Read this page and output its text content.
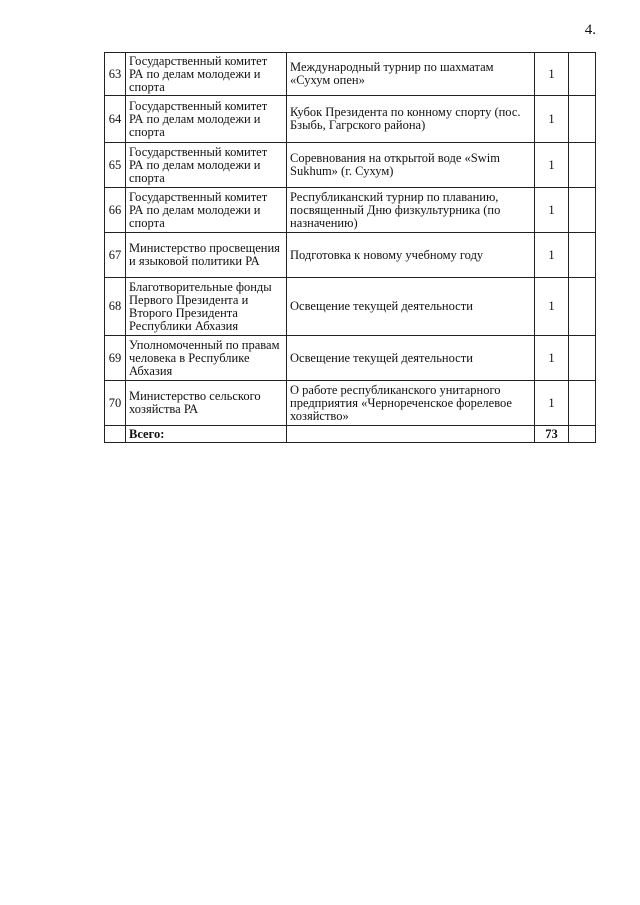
4.
63	Государственный комитет РА по делам молодежи и спорта	Международный турнир по шахматам «Сухум опен»	1	
64	Государственный комитет РА по делам молодежи и спорта	Кубок Президента по конному спорту (пос. Бзыбь, Гагрского района)	1	
65	Государственный комитет РА по делам молодежи и спорта	Соревнования на открытой воде «Swim Sukhum» (г. Сухум)	1	
66	Государственный комитет РА по делам молодежи и спорта	Республиканский турнир по плаванию, посвященный Дню физкультурника (по назначению)	1	
67	Министерство просвещения и языковой политики РА	Подготовка к новому учебному году	1	
68	Благотворительные фонды Первого Президента и Второго Президента Республики Абхазия	Освещение текущей деятельности	1	
69	Уполномоченный по правам человека в Республике Абхазия	Освещение текущей деятельности	1	
70	Министерство сельского хозяйства РА	О работе республиканского унитарного предприятия «Чернореченское форелевое хозяйство»	1	
	Всего:		73	
